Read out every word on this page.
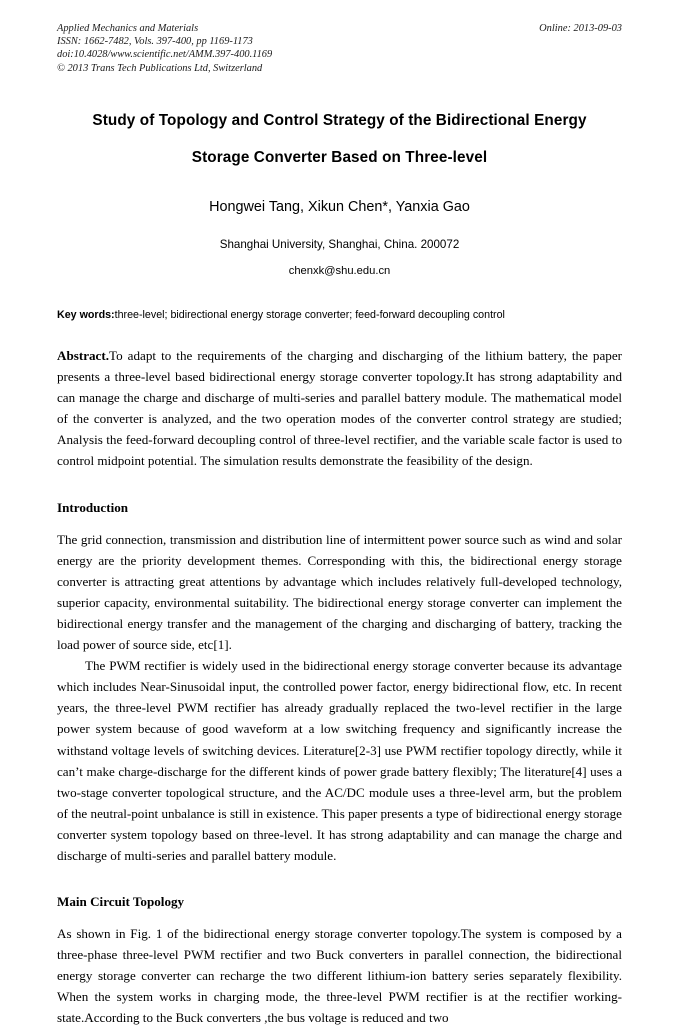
Applied Mechanics and Materials
ISSN: 1662-7482, Vols. 397-400, pp 1169-1173
doi:10.4028/www.scientific.net/AMM.397-400.1169
© 2013 Trans Tech Publications Ltd, Switzerland
Online: 2013-09-03
Study of Topology and Control Strategy of the Bidirectional Energy
Storage Converter Based on Three-level
Hongwei Tang, Xikun Chen*, Yanxia Gao
Shanghai University, Shanghai, China. 200072
chenxk@shu.edu.cn
Key words:three-level; bidirectional energy storage converter; feed-forward decoupling control

Abstract.To adapt to the requirements of the charging and discharging of the lithium battery, the paper presents a three-level based bidirectional energy storage converter topology.It has strong adaptability and can manage the charge and discharge of multi-series and parallel battery module. The mathematical model of the converter is analyzed, and the two operation modes of the converter control strategy are studied; Analysis the feed-forward decoupling control of three-level rectifier, and the variable scale factor is used to control midpoint potential. The simulation results demonstrate the feasibility of the design.

Introduction

The grid connection, transmission and distribution line of intermittent power source such as wind and solar energy are the priority development themes. Corresponding with this, the bidirectional energy storage converter is attracting great attentions by advantage which includes relatively full-developed technology, superior capacity, environmental suitability. The bidirectional energy storage converter can implement the bidirectional energy transfer and the management of the charging and discharging of battery, tracking the load power of source side, etc[1].

The PWM rectifier is widely used in the bidirectional energy storage converter because its advantage which includes Near-Sinusoidal input, the controlled power factor, energy bidirectional flow, etc. In recent years, the three-level PWM rectifier has already gradually replaced the two-level rectifier in the large power system because of good waveform at a low switching frequency and significantly increase the withstand voltage levels of switching devices. Literature[2-3] use PWM rectifier topology directly, while it can’t make charge-discharge for the different kinds of power grade battery flexibly; The literature[4] uses a two-stage converter topological structure, and the AC/DC module uses a three-level arm, but the problem of the neutral-point unbalance is still in existence. This paper presents a type of bidirectional energy storage converter system topology based on three-level. It has strong adaptability and can manage the charge and discharge of multi-series and parallel battery module.

Main Circuit Topology

As shown in Fig. 1 of the bidirectional energy storage converter topology.The system is composed by a three-phase three-level PWM rectifier and two Buck converters in parallel connection, the bidirectional energy storage converter can recharge the two different lithium-ion battery series separately flexibility. When the system works in charging mode, the three-level PWM rectifier is at the rectifier working-state.According to the Buck converters ,the bus voltage is reduced and two
